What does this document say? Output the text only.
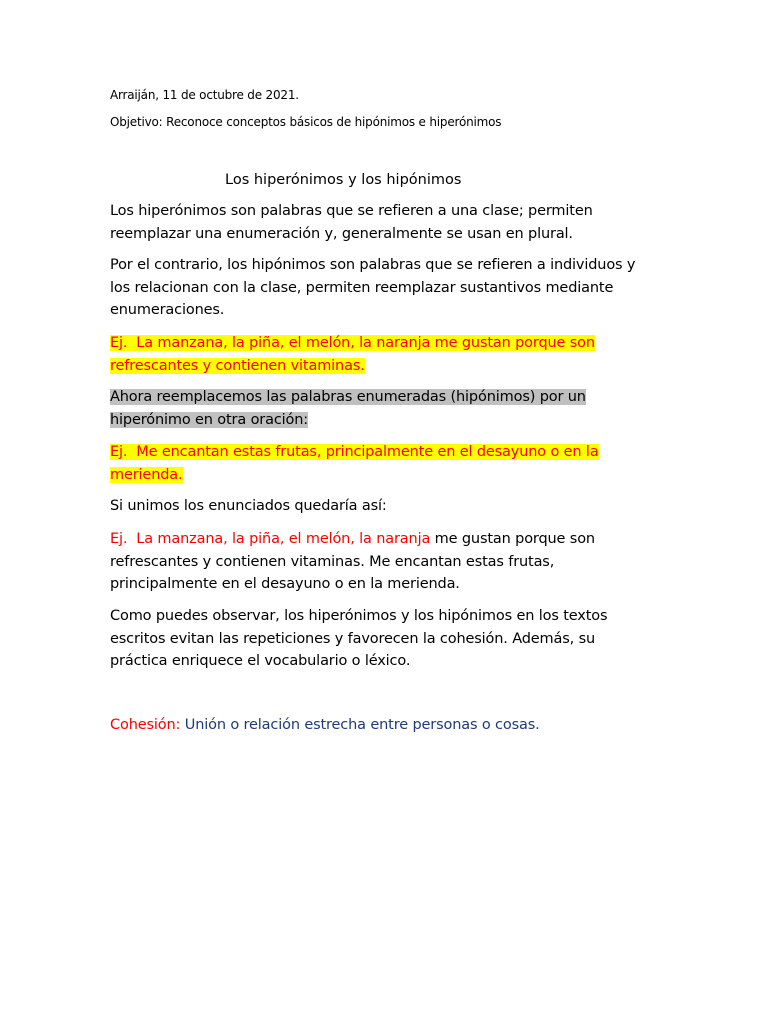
Arraiján, 11 de octubre de 2021.
Objetivo: Reconoce conceptos básicos de hipónimos e hiperónimos
Los hiperónimos y los hipónimos
Los hiperónimos son palabras que se refieren a una clase; permiten
reemplazar una enumeración y, generalmente se usan en plural.
Por el contrario, los hipónimos son palabras que se refieren a individuos y
los relacionan con la clase, permiten reemplazar sustantivos mediante
enumeraciones.
Ej.  La manzana, la piña, el melón, la naranja me gustan porque son
refrescantes y contienen vitaminas.
Ahora reemplacemos las palabras enumeradas (hipónimos) por un
hiperónimo en otra oración:
Ej.  Me encantan estas frutas, principalmente en el desayuno o en la
merienda.
Si unimos los enunciados quedaría así:
Ej.  La manzana, la piña, el melón, la naranja me gustan porque son
refrescantes y contienen vitaminas. Me encantan estas frutas,
principalmente en el desayuno o en la merienda.
Como puedes observar, los hiperónimos y los hipónimos en los textos
escritos evitan las repeticiones y favorecen la cohesión. Además, su
práctica enriquece el vocabulario o léxico.
Cohesión: Unión o relación estrecha entre personas o cosas.
